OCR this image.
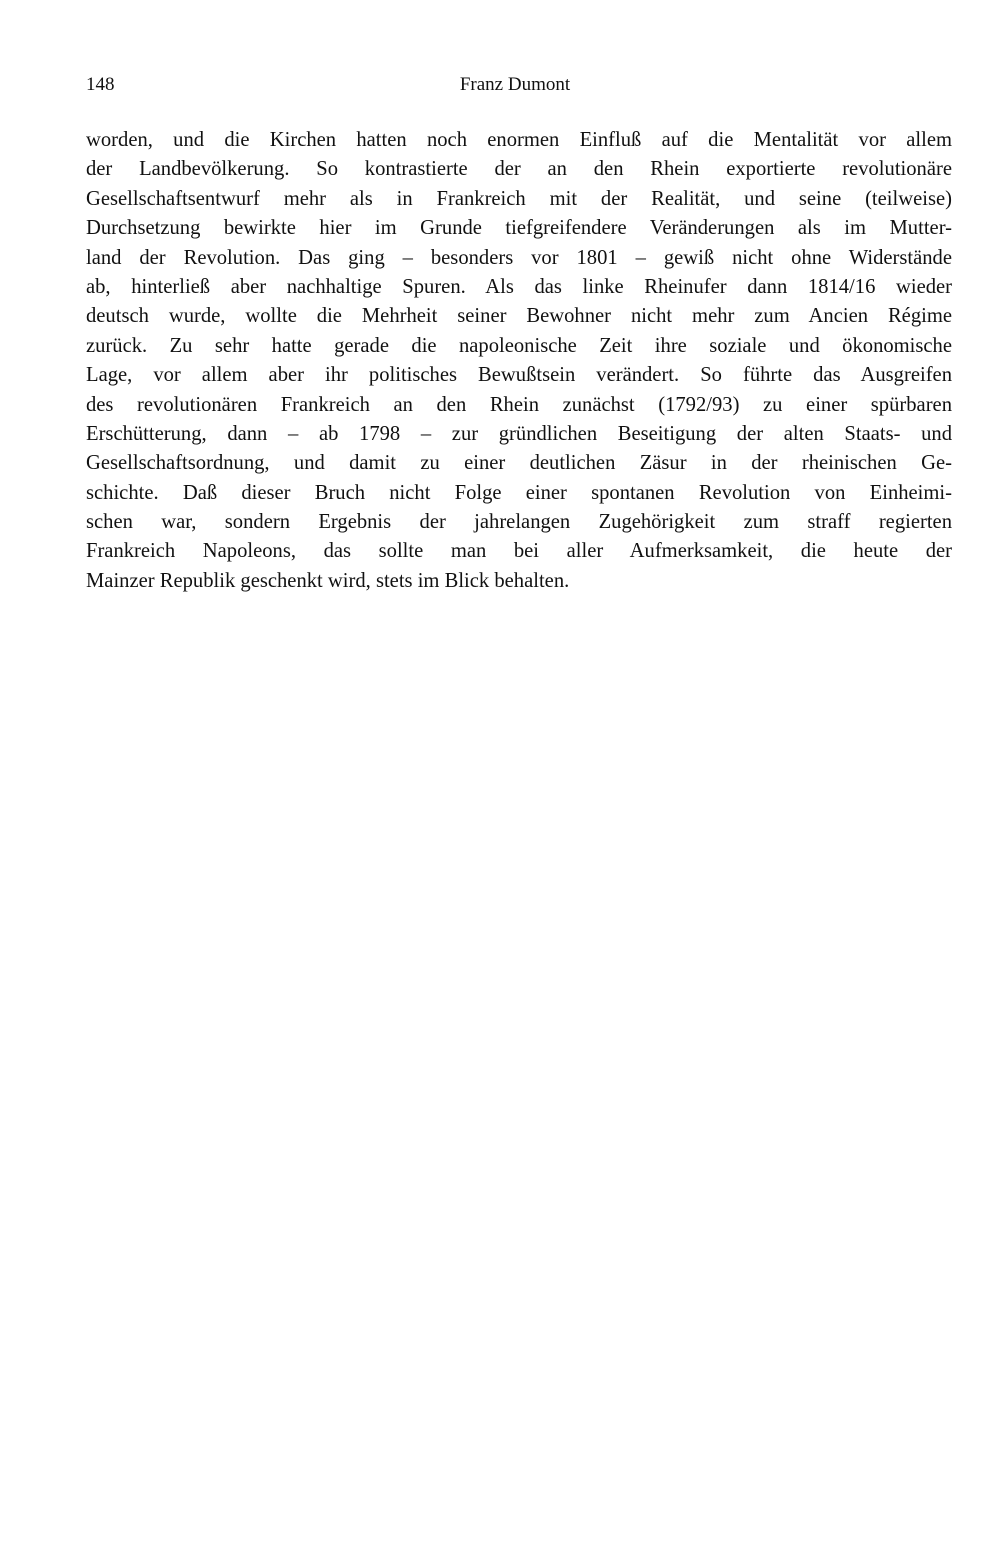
148	Franz Dumont
worden, und die Kirchen hatten noch enormen Einfluß auf die Mentalität vor allem
der Landbevölkerung. So kontrastierte der an den Rhein exportierte revolutionäre
Gesellschaftsentwurf mehr als in Frankreich mit der Realität, und seine (teilweise)
Durchsetzung bewirkte hier im Grunde tiefgreifendere Veränderungen als im Mutter-
land der Revolution. Das ging – besonders vor 1801 – gewiß nicht ohne Widerstände
ab, hinterließ aber nachhaltige Spuren. Als das linke Rheinufer dann 1814/16 wieder
deutsch wurde, wollte die Mehrheit seiner Bewohner nicht mehr zum Ancien Régime
zurück. Zu sehr hatte gerade die napoleonische Zeit ihre soziale und ökonomische
Lage, vor allem aber ihr politisches Bewußtsein verändert. So führte das Ausgreifen
des revolutionären Frankreich an den Rhein zunächst (1792/93) zu einer spürbaren
Erschütterung, dann – ab 1798 – zur gründlichen Beseitigung der alten Staats- und
Gesellschaftsordnung, und damit zu einer deutlichen Zäsur in der rheinischen Ge-
schichte. Daß dieser Bruch nicht Folge einer spontanen Revolution von Einheimi-
schen war, sondern Ergebnis der jahrelangen Zugehörigkeit zum straff regierten
Frankreich Napoleons, das sollte man bei aller Aufmerksamkeit, die heute der
Mainzer Republik geschenkt wird, stets im Blick behalten.
